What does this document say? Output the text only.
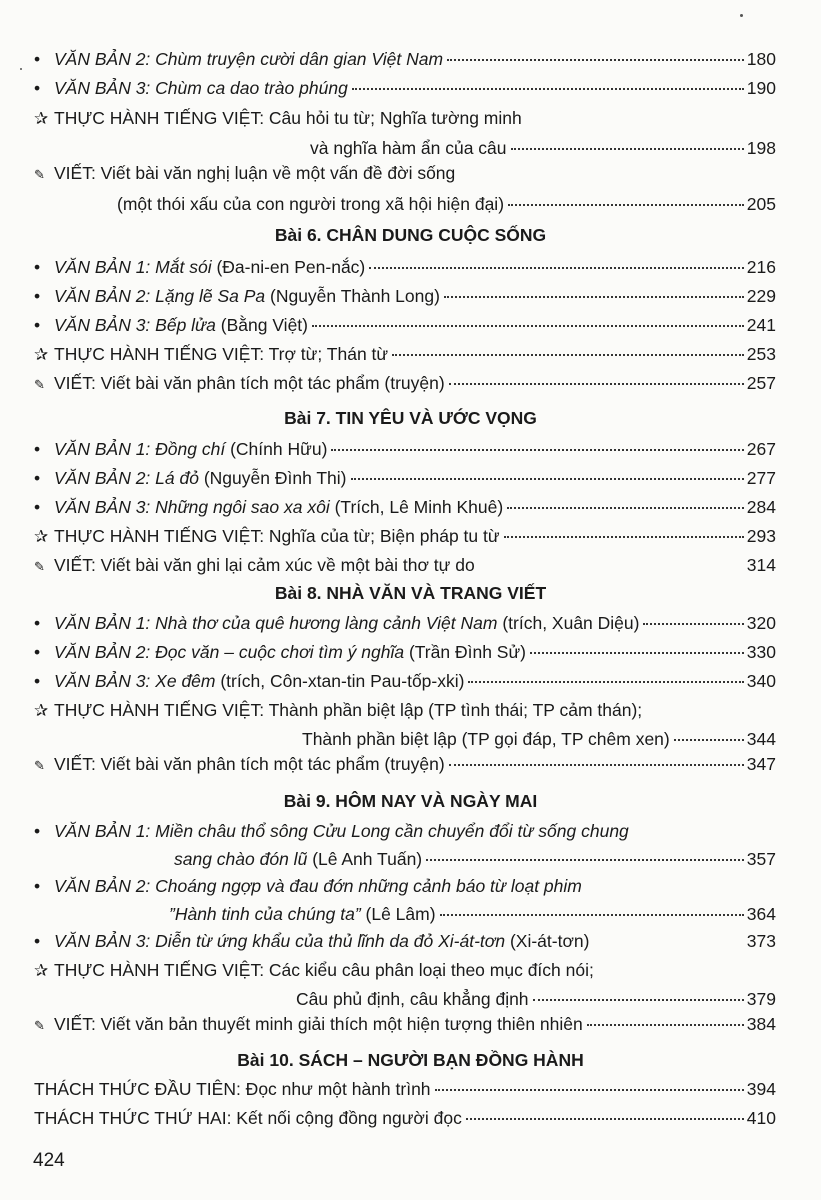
• VĂN BẢN 2: Chùm truyện cười dân gian Việt Nam	180
• VĂN BẢN 3: Chùm ca dao trào phúng	190
✰ THỰC HÀNH TIẾNG VIỆT: Câu hỏi tu từ; Nghĩa tường minh
và nghĩa hàm ẩn của câu	198
✎ VIẾT: Viết bài văn nghị luận về một vấn đề đời sống
(một thói xấu của con người trong xã hội hiện đại)	205
Bài 6. CHÂN DUNG CUỘC SỐNG
• VĂN BẢN 1: Mắt sói (Đa-ni-en Pen-nắc)	216
• VĂN BẢN 2: Lặng lẽ Sa Pa (Nguyễn Thành Long)	229
• VĂN BẢN 3: Bếp lửa (Bằng Việt)	241
✰ THỰC HÀNH TIẾNG VIỆT: Trợ từ; Thán từ	253
✎ VIẾT: Viết bài văn phân tích một tác phẩm (truyện)	257
Bài 7. TIN YÊU VÀ ƯỚC VỌNG
• VĂN BẢN 1: Đồng chí (Chính Hữu)	267
• VĂN BẢN 2: Lá đỏ (Nguyễn Đình Thi)	277
• VĂN BẢN 3: Những ngôi sao xa xôi (Trích, Lê Minh Khuê)	284
✰ THỰC HÀNH TIẾNG VIỆT: Nghĩa của từ; Biện pháp tu từ	293
✎ VIẾT: Viết bài văn ghi lại cảm xúc về một bài thơ tự do	314
Bài 8. NHÀ VĂN VÀ TRANG VIẾT
• VĂN BẢN 1: Nhà thơ của quê hương làng cảnh Việt Nam (trích, Xuân Diệu)	320
• VĂN BẢN 2: Đọc văn – cuộc chơi tìm ý nghĩa (Trần Đình Sử)	330
• VĂN BẢN 3: Xe đêm (trích, Côn-xtan-tin Pau-tốp-xki)	340
✰ THỰC HÀNH TIẾNG VIỆT: Thành phần biệt lập (TP tình thái; TP cảm thán);
Thành phần biệt lập (TP gọi đáp, TP chêm xen)	344
✎ VIẾT: Viết bài văn phân tích một tác phẩm (truyện)	347
Bài 9. HÔM NAY VÀ NGÀY MAI
• VĂN BẢN 1: Miền châu thổ sông Cửu Long cần chuyển đổi từ sống chung
sang chào đón lũ (Lê Anh Tuấn)	357
• VĂN BẢN 2: Choáng ngợp và đau đớn những cảnh báo từ loạt phim
”Hành tinh của chúng ta” (Lê Lâm)	364
• VĂN BẢN 3: Diễn từ ứng khẩu của thủ lĩnh da đỏ Xi-át-tơn (Xi-át-tơn)	373
✰ THỰC HÀNH TIẾNG VIỆT: Các kiểu câu phân loại theo mục đích nói;
Câu phủ định, câu khẳng định	379
✎ VIẾT: Viết văn bản thuyết minh giải thích một hiện tượng thiên nhiên	384
Bài 10. SÁCH – NGƯỜI BẠN ĐỒNG HÀNH
THÁCH THỨC ĐẦU TIÊN: Đọc như một hành trình	394
THÁCH THỨC THỨ HAI: Kết nối cộng đồng người đọc	410
424
